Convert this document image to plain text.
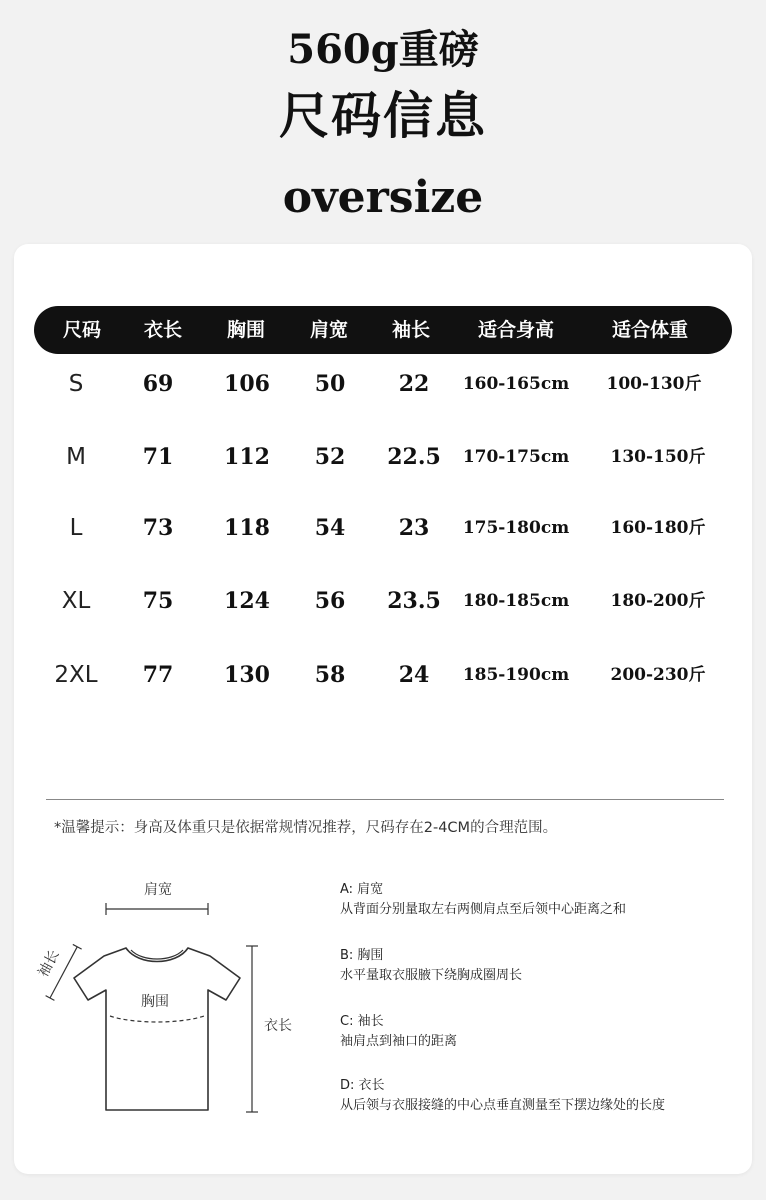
560g重磅
尺码信息
oversize
尺码 衣长 胸围 肩宽 袖长	适合身高	适合体重
S	69 106 50 22 160-165cm 100-130斤
M	71 112 52 22.5 170-175cm 130-150斤
L	73 118 54 23 175-180cm 160-180斤
XL 75 124 56 23.5 180-185cm 180-200斤
2XL 77 130 58 24 185-190cm 200-230斤
*温馨提示：身高及体重只是依据常规情况推荐，尺码存在2-4CM的合理范围。
肩宽
袖长
胸围
衣长
A: 肩宽
从背面分别量取左右两侧肩点至后领中心距离之和
B: 胸围
水平量取衣服腋下绕胸成圈周长
C: 袖长
袖肩点到袖口的距离
D: 衣长
从后领与衣服接缝的中心点垂直测量至下摆边缘处的长度
